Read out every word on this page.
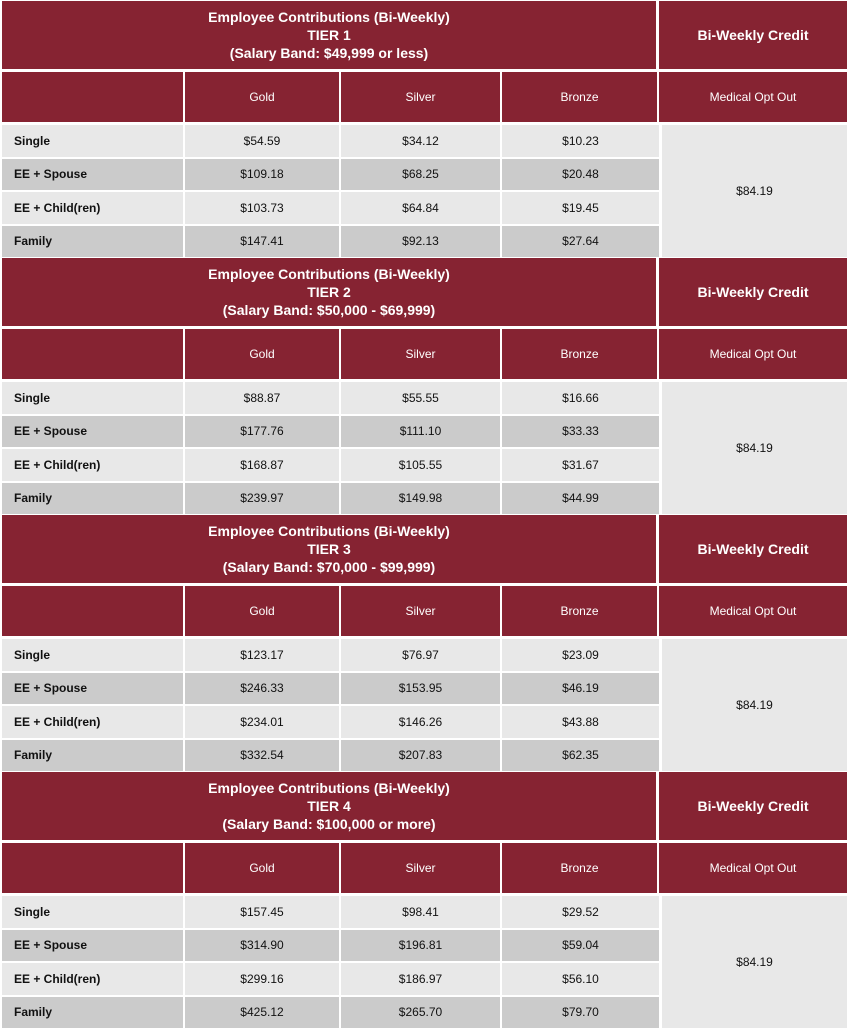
Employee Contributions (Bi-Weekly)
TIER 1
(Salary Band: $49,999 or less)
Bi-Weekly Credit
Gold	Silver	Bronze	Medical Opt Out
Single	$54.59	$34.12	$10.23
EE + Spouse	$109.18	$68.25	$20.48
EE + Child(ren)	$103.73	$64.84	$19.45
Family	$147.41	$92.13	$27.64
$84.19
Employee Contributions (Bi-Weekly)
TIER 2
(Salary Band: $50,000 - $69,999)
Bi-Weekly Credit
Gold	Silver	Bronze	Medical Opt Out
Single	$88.87	$55.55	$16.66
EE + Spouse	$177.76	$111.10	$33.33
EE + Child(ren)	$168.87	$105.55	$31.67
Family	$239.97	$149.98	$44.99
$84.19
Employee Contributions (Bi-Weekly)
TIER 3
(Salary Band: $70,000 - $99,999)
Bi-Weekly Credit
Gold	Silver	Bronze	Medical Opt Out
Single	$123.17	$76.97	$23.09
EE + Spouse	$246.33	$153.95	$46.19
EE + Child(ren)	$234.01	$146.26	$43.88
Family	$332.54	$207.83	$62.35
$84.19
Employee Contributions (Bi-Weekly)
TIER 4
(Salary Band: $100,000 or more)
Bi-Weekly Credit
Gold	Silver	Bronze	Medical Opt Out
Single	$157.45	$98.41	$29.52
EE + Spouse	$314.90	$196.81	$59.04
EE + Child(ren)	$299.16	$186.97	$56.10
Family	$425.12	$265.70	$79.70
$84.19
